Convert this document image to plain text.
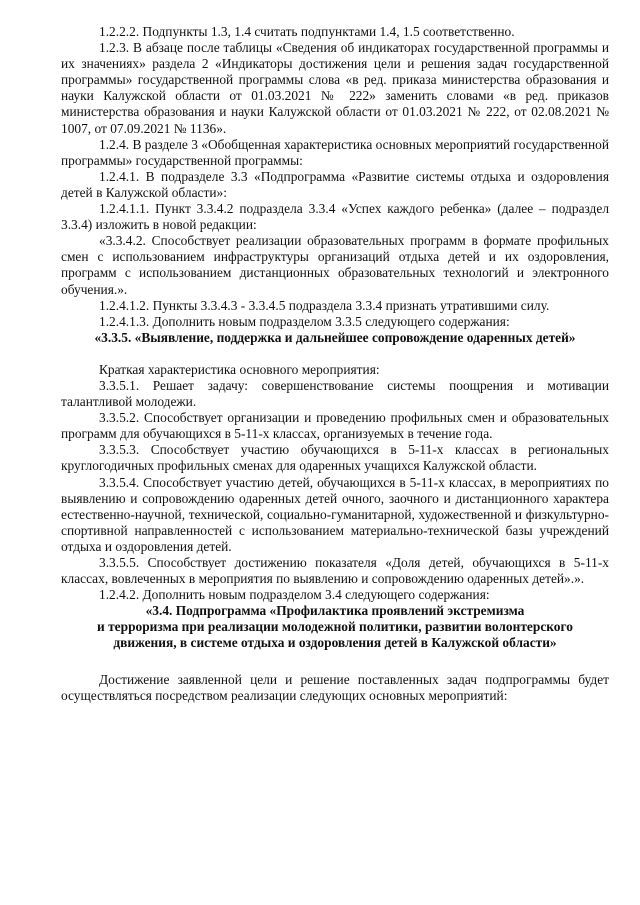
1.2.2.2. Подпункты 1.3, 1.4 считать подпунктами 1.4, 1.5 соответственно.

1.2.3. В абзаце после таблицы «Сведения об индикаторах государственной программы и их значениях» раздела 2 «Индикаторы достижения цели и решения задач государственной программы» государственной программы слова «в ред. приказа министерства образования и науки Калужской области от 01.03.2021 № 222» заменить словами «в ред. приказов министерства образования и науки Калужской области от 01.03.2021 № 222, от 02.08.2021 № 1007, от 07.09.2021 № 1136».

1.2.4. В разделе 3 «Обобщенная характеристика основных мероприятий государственной программы» государственной программы:

1.2.4.1. В подразделе 3.3 «Подпрограмма «Развитие системы отдыха и оздоровления детей в Калужской области»:

1.2.4.1.1. Пункт 3.3.4.2 подраздела 3.3.4 «Успех каждого ребенка» (далее – подраздел 3.3.4) изложить в новой редакции:

«3.3.4.2. Способствует реализации образовательных программ в формате профильных смен с использованием инфраструктуры организаций отдыха детей и их оздоровления, программ с использованием дистанционных образовательных технологий и электронного обучения.».

1.2.4.1.2. Пункты 3.3.4.3 - 3.3.4.5 подраздела 3.3.4 признать утратившими силу.

1.2.4.1.3. Дополнить новым подразделом 3.3.5 следующего содержания:

«3.3.5. «Выявление, поддержка и дальнейшее сопровождение одаренных детей»

Краткая характеристика основного мероприятия:

3.3.5.1. Решает задачу: совершенствование системы поощрения и мотивации талантливой молодежи.

3.3.5.2. Способствует организации и проведению профильных смен и образовательных программ для обучающихся в 5-11-х классах, организуемых в течение года.

3.3.5.3. Способствует участию обучающихся в 5-11-х классах в региональных круглогодичных профильных сменах для одаренных учащихся Калужской области.

3.3.5.4. Способствует участию детей, обучающихся в 5-11-х классах, в мероприятиях по выявлению и сопровождению одаренных детей очного, заочного и дистанционного характера естественно-научной, технической, социально-гуманитарной, художественной и физкультурно-спортивной направленностей с использованием материально-технической базы учреждений отдыха и оздоровления детей.

3.3.5.5. Способствует достижению показателя «Доля детей, обучающихся в 5-11-х классах, вовлеченных в мероприятия по выявлению и сопровождению одаренных детей».».

1.2.4.2. Дополнить новым подразделом 3.4 следующего содержания:

«3.4. Подпрограмма «Профилактика проявлений экстремизма

и терроризма при реализации молодежной политики, развитии волонтерского

движения, в системе отдыха и оздоровления детей в Калужской области»

Достижение заявленной цели и решение поставленных задач подпрограммы будет осуществляться посредством реализации следующих основных мероприятий:
